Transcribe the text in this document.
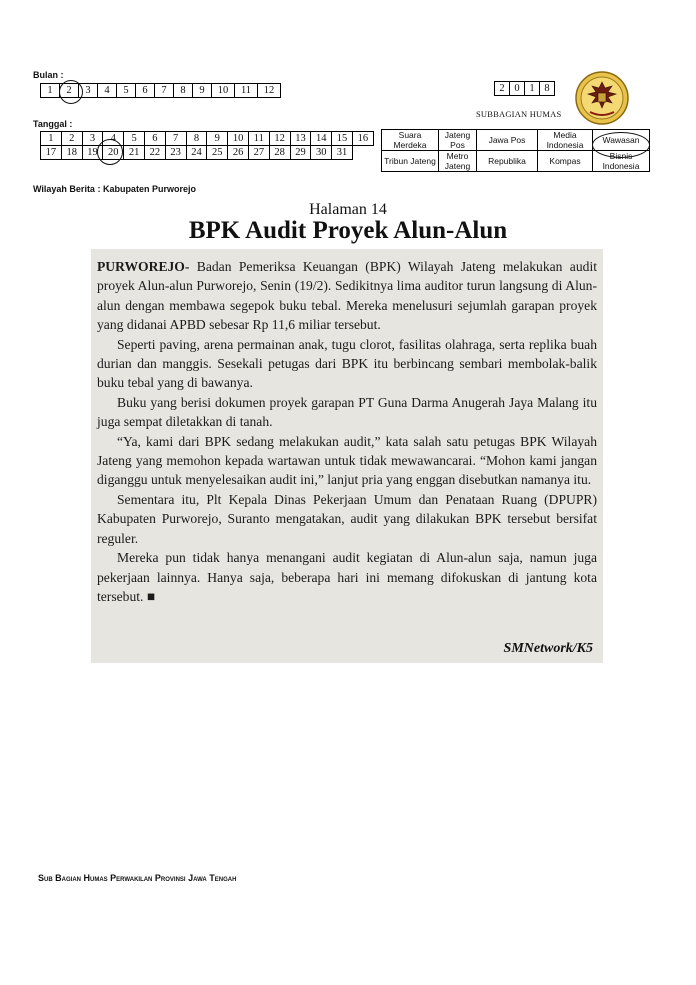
Bulan :
1	2	3	4	5	6	7	8	9	10	11	12
Tanggal :
1	2	3	4	5	6	7	8	9	10	11	12	13	14	15	16
17	18	19	20	21	22	23	24	25	26	27	28	29	30	31	
Wilayah Berita : Kabupaten Purworejo
2	0	1	8
SUBBAGIAN HUMAS
Suara Merdeka	Jateng Pos	Jawa Pos	Media Indonesia	Wawasan
Tribun Jateng	Metro Jateng	Republika	Kompas	Bisnis Indonesia
Halaman 14
BPK Audit Proyek Alun-Alun

PURWOREJO- Badan Pemeriksa Keuangan (BPK) Wilayah Jateng melakukan audit proyek Alun-alun Purworejo, Senin (19/2). Sedikitnya lima auditor turun langsung di Alun-alun dengan membawa segepok buku tebal. Mereka menelusuri sejumlah garapan proyek yang didanai APBD sebesar Rp 11,6 miliar tersebut.

Seperti paving, arena permainan anak, tugu clorot, fasilitas olahraga, serta replika buah durian dan manggis. Sesekali petugas dari BPK itu berbincang sembari membolak-balik buku tebal yang di bawanya.

Buku yang berisi dokumen proyek garapan PT Guna Darma Anugerah Jaya Malang itu juga sempat diletakkan di tanah.

“Ya, kami dari BPK sedang melakukan audit,” kata salah satu petugas BPK Wilayah Jateng yang memohon kepada wartawan untuk tidak mewawancarai. “Mohon kami jangan diganggu untuk menyelesaikan audit ini,” lanjut pria yang enggan disebutkan namanya itu.

Sementara itu, Plt Kepala Dinas Pekerjaan Umum dan Penataan Ruang (DPUPR) Kabupaten Purworejo, Suranto mengatakan, audit yang dilakukan BPK tersebut bersifat reguler.

Mereka pun tidak hanya menangani audit kegiatan di Alun-alun saja, namun juga pekerjaan lainnya. Hanya saja, beberapa hari ini memang difokuskan di jantung kota tersebut. ■

SMNetwork/K5
Sub Bagian Humas Perwakilan Provinsi Jawa Tengah
